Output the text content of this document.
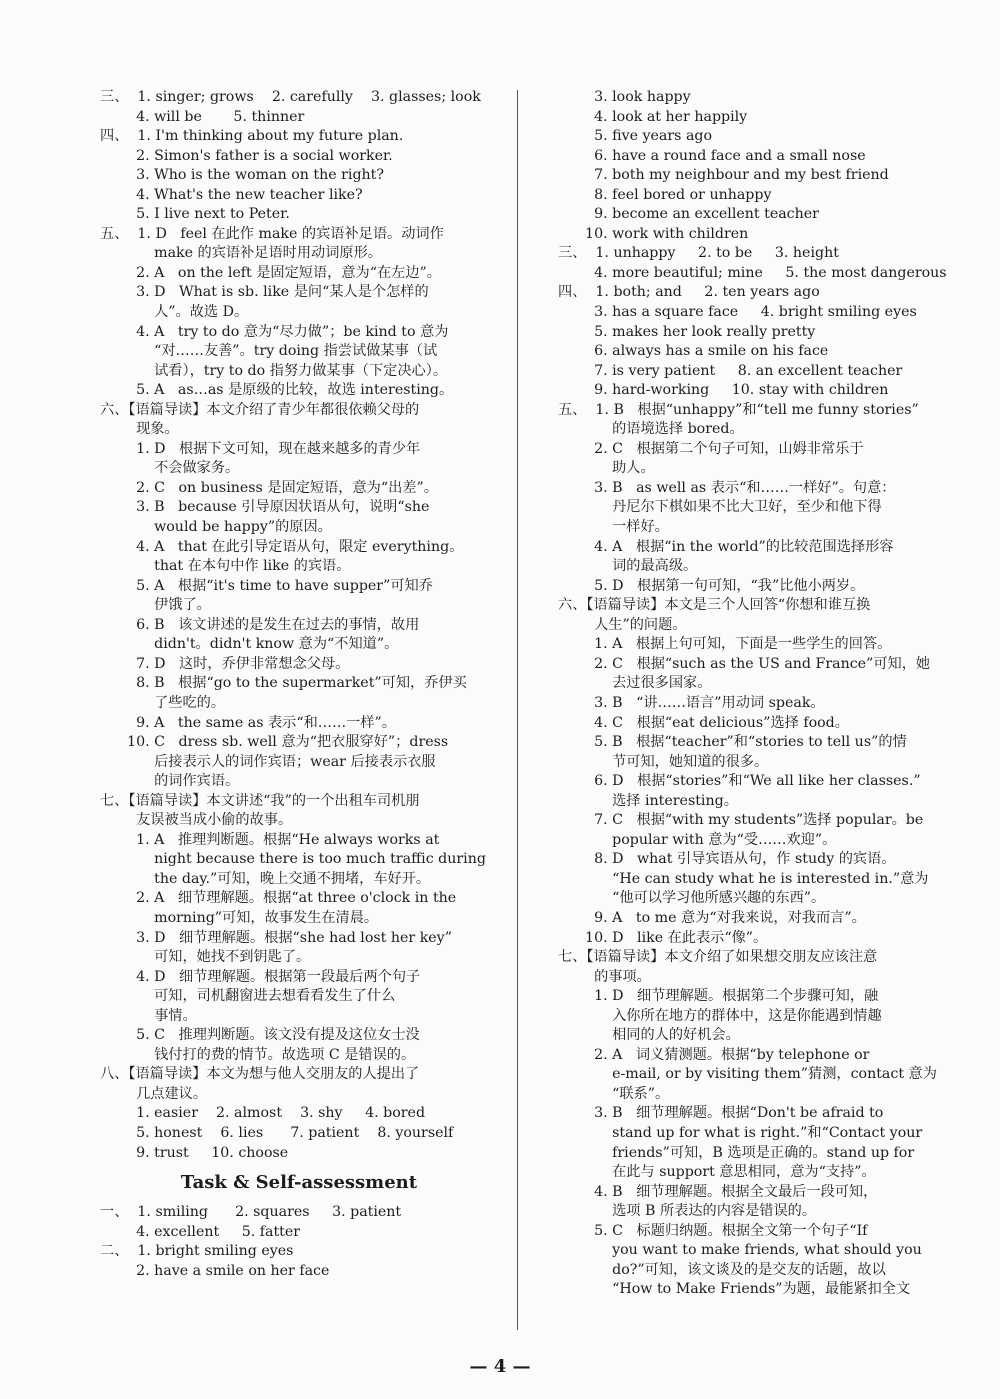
三、  1. singer; grows    2. carefully    3. glasses; look
4. will be       5. thinner
四、  1. I'm thinking about my future plan.
2. Simon's father is a social worker.
3. Who is the woman on the right?
4. What's the new teacher like?
5. I live next to Peter.
五、  1. D   feel 在此作 make 的宾语补足语。动词作
make 的宾语补足语时用动词原形。
2. A   on the left 是固定短语，意为“在左边”。
3. D   What is sb. like 是问“某人是个怎样的
人”。故选 D。
4. A   try to do 意为“尽力做”；be kind to 意为
“对……友善”。try doing 指尝试做某事（试
试看），try to do 指努力做某事（下定决心）。
5. A   as…as 是原级的比较，故选 interesting。
六、【语篇导读】本文介绍了青少年都很依赖父母的
现象。
1. D   根据下文可知，现在越来越多的青少年
不会做家务。
2. C   on business 是固定短语，意为“出差”。
3. B   because 引导原因状语从句，说明“she
would be happy”的原因。
4. A   that 在此引导定语从句，限定 everything。
that 在本句中作 like 的宾语。
5. A   根据“it's time to have supper”可知乔
伊饿了。
6. B   该文讲述的是发生在过去的事情，故用
didn't。didn't know 意为“不知道”。
7. D   这时，乔伊非常想念父母。
8. B   根据“go to the supermarket”可知，乔伊买
了些吃的。
9. A   the same as 表示“和……一样”。
10. C   dress sb. well 意为“把衣服穿好”；dress
后接表示人的词作宾语；wear 后接表示衣服
的词作宾语。
七、【语篇导读】本文讲述“我”的一个出租车司机朋
友误被当成小偷的故事。
1. A   推理判断题。根据“He always works at
night because there is too much traffic during
the day.”可知，晚上交通不拥堵，车好开。
2. A   细节理解题。根据“at three o'clock in the
morning”可知，故事发生在清晨。
3. D   细节理解题。根据“she had lost her key”
可知，她找不到钥匙了。
4. D   细节理解题。根据第一段最后两个句子
可知，司机翻窗进去想看看发生了什么
事情。
5. C   推理判断题。该文没有提及这位女士没
钱付打的费的情节。故选项 C 是错误的。
八、【语篇导读】本文为想与他人交朋友的人提出了
几点建议。
1. easier    2. almost    3. shy     4. bored
5. honest    6. lies      7. patient    8. yourself
9. trust     10. choose
Task & Self-assessment
一、  1. smiling      2. squares     3. patient
4. excellent     5. fatter
二、  1. bright smiling eyes
2. have a smile on her face
3. look happy
4. look at her happily
5. five years ago
6. have a round face and a small nose
7. both my neighbour and my best friend
8. feel bored or unhappy
9. become an excellent teacher
10. work with children
三、  1. unhappy     2. to be     3. height
4. more beautiful; mine     5. the most dangerous
四、  1. both; and     2. ten years ago
3. has a square face     4. bright smiling eyes
5. makes her look really pretty
6. always has a smile on his face
7. is very patient     8. an excellent teacher
9. hard-working     10. stay with children
五、  1. B   根据“unhappy”和“tell me funny stories”
的语境选择 bored。
2. C   根据第二个句子可知，山姆非常乐于
助人。
3. B   as well as 表示“和……一样好”。句意：
丹尼尔下棋如果不比大卫好，至少和他下得
一样好。
4. A   根据“in the world”的比较范围选择形容
词的最高级。
5. D   根据第一句可知，“我”比他小两岁。
六、【语篇导读】本文是三个人回答“你想和谁互换
人生”的问题。
1. A   根据上句可知，下面是一些学生的回答。
2. C   根据“such as the US and France”可知，她
去过很多国家。
3. B   “讲……语言”用动词 speak。
4. C   根据“eat delicious”选择 food。
5. B   根据“teacher”和“stories to tell us”的情
节可知，她知道的很多。
6. D   根据“stories”和“We all like her classes.”
选择 interesting。
7. C   根据“with my students”选择 popular。be
popular with 意为“受……欢迎”。
8. D   what 引导宾语从句，作 study 的宾语。
“He can study what he is interested in.”意为
“他可以学习他所感兴趣的东西”。
9. A   to me 意为“对我来说，对我而言”。
10. D   like 在此表示“像”。
七、【语篇导读】本文介绍了如果想交朋友应该注意
的事项。
1. D   细节理解题。根据第二个步骤可知，融
入你所在地方的群体中，这是你能遇到情趣
相同的人的好机会。
2. A   词义猜测题。根据“by telephone or
e-mail, or by visiting them”猜测，contact 意为
“联系”。
3. B   细节理解题。根据“Don't be afraid to
stand up for what is right.”和“Contact your
friends”可知，B 选项是正确的。stand up for
在此与 support 意思相同，意为“支持”。
4. B   细节理解题。根据全文最后一段可知，
选项 B 所表达的内容是错误的。
5. C   标题归纳题。根据全文第一个句子“If
you want to make friends, what should you
do?”可知，该文谈及的是交友的话题，故以
“How to Make Friends”为题，最能紧扣全文
— 4 —
